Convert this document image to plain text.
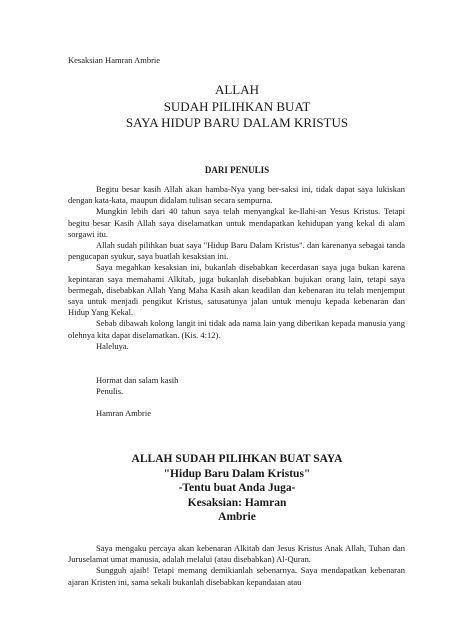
Kesaksian Hamran Ambrie
ALLAH
SUDAH PILIHKAN BUAT
SAYA HIDUP BARU DALAM KRISTUS
DARI PENULIS

Begitu besar kasih Allah akan hamba-Nya yang ber-saksi ini, tidak dapat saya lukiskan dengan kata-kata, maupun didalam tulisan secara sempurna.

Mungkin lebih dari 40 tahun saya telah menyangkal ke-Ilahi-an Yesus Kristus. Tetapi begitu besar Kasih Allah saya diselamatkan untuk mendapatkan kehidupan yang kekal di alam sorgawi itu.

Allah sudah pilihkan buat saya "Hidup Baru Dalam Kristus". dan karenanya sebagai tanda pengucapan syukur, saya buatlah kesaksian ini.

Saya megahkan kesaksian ini, bukanlah disebabkan kecerdasan saya juga bukan karena kepintaran saya memahami Alkitab, juga bukanlah disebabkan bujukan orang lain, tetapi saya bermegah, disebabkan Allah Yang Maha Kasih akan keadilan dan kebenaran itu telah menjemput saya untuk menjadi pengikut Kristus, satusatunya jalan untuk menuju kepada kebenaran dan Hidup Yang Kekal.

Sebab dibawah kolong langit ini tidak ada nama lain yang diberikan kepada manusia yang olehnya kita dapat diselamatkan. (Kis. 4:12).

Haleluya.

Hormat dan salam kasih
Penulis.
Hamran Ambrie
ALLAH SUDAH PILIHKAN BUAT SAYA
"Hidup Baru Dalam Kristus"
-Tentu buat Anda Juga-
Kesaksian: Hamran
Ambrie

Saya mengaku percaya akan kebenaran Alkitab dan Jesus Kristus Anak Allah, Tuhan dan Juruselamat umat manusia, adalah melalui (atau disebabkan) Al-Quran.

Sungguh ajaib! Tetapi memang demikianlah sebenarnya. Saya mendapatkan kebenaran ajaran Kristen ini, sama sekali bukanlah disebabkan kepandaian atau
